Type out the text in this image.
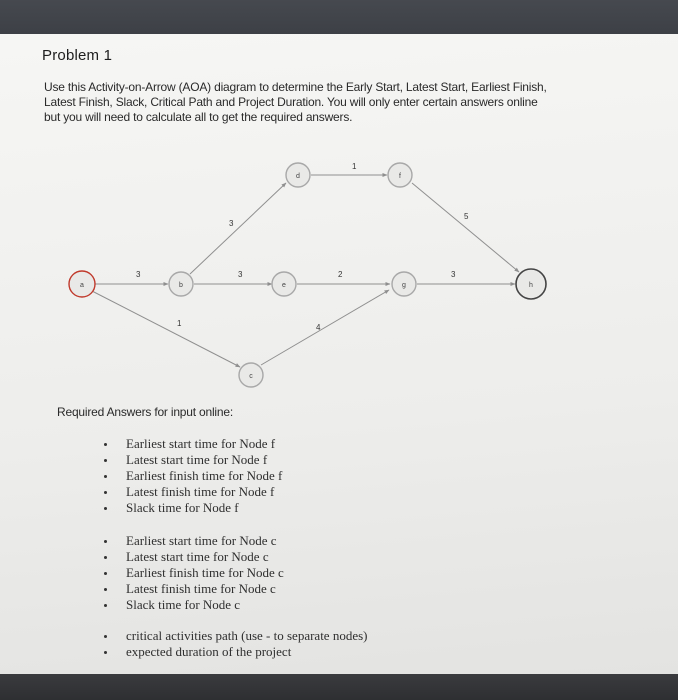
Problem 1
Use this Activity-on-Arrow (AOA) diagram to determine the Early Start, Latest Start, Earliest Finish,
Latest Finish, Slack, Critical Path and Project Duration. You will only enter certain answers online
but you will need to calculate all to get the required answers.
3
3
3
1	4
1
2
5
3
a	b
c
d
e
f
g	h
Required Answers for input online:
Earliest start time for Node f
Latest start time for Node f
Earliest finish time for Node f
Latest finish time for Node f
Slack time for Node f
Earliest start time for Node c
Latest start time for Node c
Earliest finish time for Node c
Latest finish time for Node c
Slack time for Node c
critical activities path (use - to separate nodes)
expected duration of the project
